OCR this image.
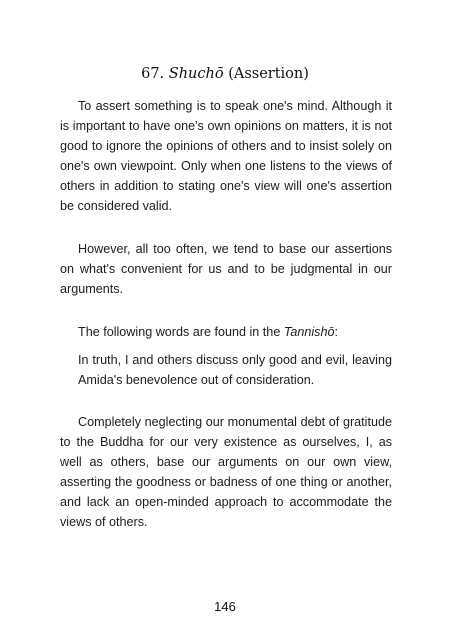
67. Shuchō (Assertion)

To assert something is to speak one's mind. Although it is important to have one's own opinions on matters, it is not good to ignore the opinions of others and to insist solely on one's own viewpoint. Only when one listens to the views of others in addition to stating one's view will one's assertion be considered valid.

However, all too often, we tend to base our assertions on what's convenient for us and to be judgmental in our arguments.

The following words are found in the Tannishō:

In truth, I and others discuss only good and evil, leaving Amida's benevolence out of consideration.

Completely neglecting our monumental debt of gratitude to the Buddha for our very existence as ourselves, I, as well as others, base our arguments on our own view, asserting the goodness or badness of one thing or another, and lack an open-minded approach to accommodate the views of others.

146
